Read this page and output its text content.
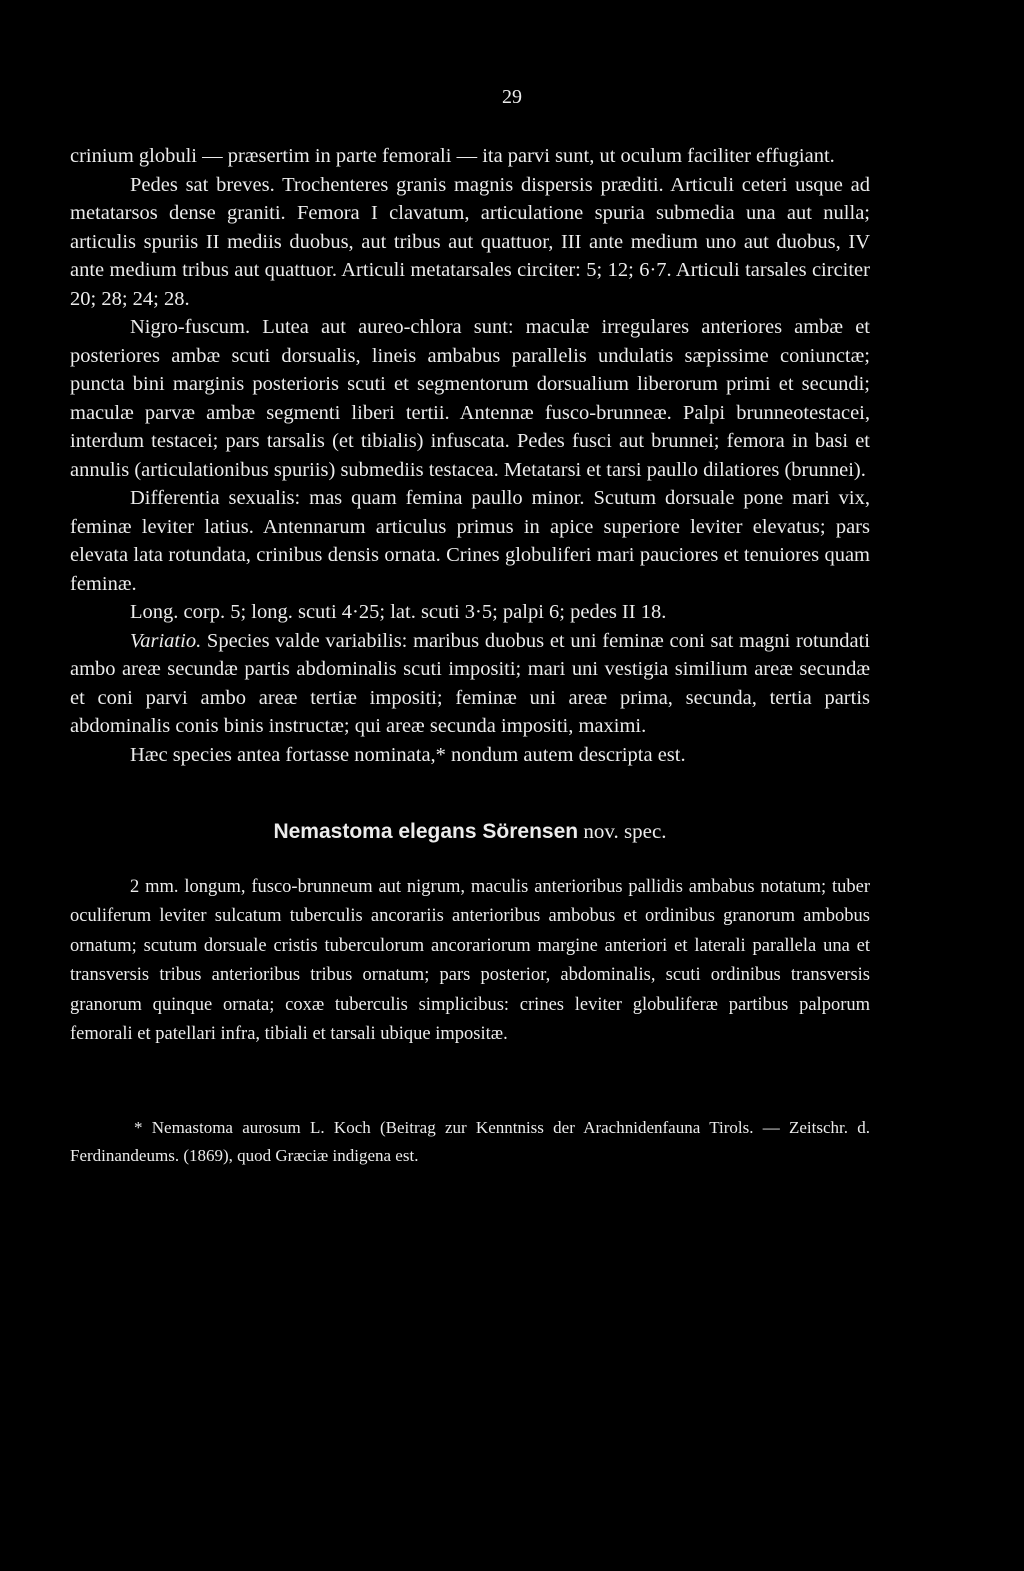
29

crinium globuli — præsertim in parte femorali — ita parvi sunt, ut oculum faciliter effugiant.

Pedes sat breves. Trochenteres granis magnis dispersis præditi. Articuli ceteri usque ad metatarsos dense graniti. Femora I clavatum, articulatione spuria submedia una aut nulla; articulis spuriis II mediis duobus, aut tribus aut quattuor, III ante medium uno aut duobus, IV ante medium tribus aut quattuor. Articuli metatarsales circiter: 5; 12; 6·7. Articuli tarsales circiter 20; 28; 24; 28.

Nigro-fuscum. Lutea aut aureo-chlora sunt: maculæ irregulares anteriores ambæ et posteriores ambæ scuti dorsualis, lineis ambabus parallelis undulatis sæpissime coniunctæ; puncta bini marginis posterioris scuti et segmentorum dorsualium liberorum primi et secundi; maculæ parvæ ambæ segmenti liberi tertii. Antennæ fusco-brunneæ. Palpi brunneotestacei, interdum testacei; pars tarsalis (et tibialis) infuscata. Pedes fusci aut brunnei; femora in basi et annulis (articulationibus spuriis) submediis testacea. Metatarsi et tarsi paullo dilatiores (brunnei).

Differentia sexualis: mas quam femina paullo minor. Scutum dorsuale pone mari vix, feminæ leviter latius. Antennarum articulus primus in apice superiore leviter elevatus; pars elevata lata rotundata, crinibus densis ornata. Crines globuliferi mari pauciores et tenuiores quam feminæ.

Long. corp. 5; long. scuti 4·25; lat. scuti 3·5; palpi 6; pedes II 18.

Variatio. Species valde variabilis: maribus duobus et uni feminæ coni sat magni rotundati ambo areæ secundæ partis abdominalis scuti impositi; mari uni vestigia similium areæ secundæ et coni parvi ambo areæ tertiæ impositi; feminæ uni areæ prima, secunda, tertia partis abdominalis conis binis instructæ; qui areæ secunda impositi, maximi.

Hæc species antea fortasse nominata,* nondum autem descripta est.

Nemastoma elegans Sörensen nov. spec.

2 mm. longum, fusco-brunneum aut nigrum, maculis anterioribus pallidis ambabus notatum; tuber oculiferum leviter sulcatum tuberculis ancorariis anterioribus ambobus et ordinibus granorum ambobus ornatum; scutum dorsuale cristis tuberculorum ancorariorum margine anteriori et laterali parallela una et transversis tribus anterioribus tribus ornatum; pars posterior, abdominalis, scuti ordinibus transversis granorum quinque ornata; coxæ tuberculis simplicibus: crines leviter globuliferæ partibus palporum femorali et patellari infra, tibiali et tarsali ubique impositæ.

* Nemastoma aurosum L. Koch (Beitrag zur Kenntniss der Arachnidenfauna Tirols. — Zeitschr. d. Ferdinandeums. (1869), quod Græciæ indigena est.
